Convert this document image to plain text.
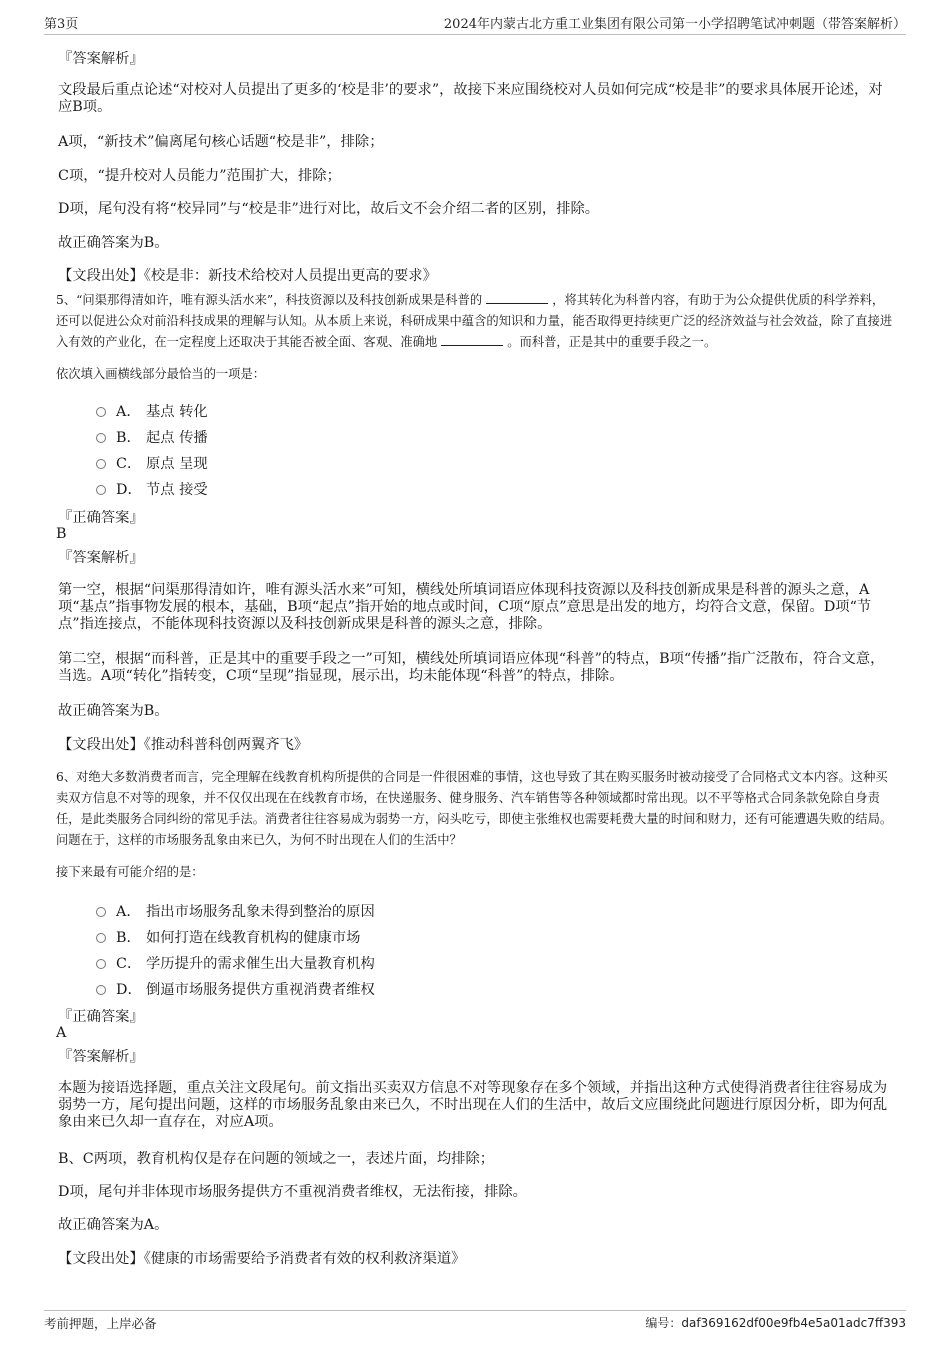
第3页	2024年内蒙古北方重工业集团有限公司第一小学招聘笔试冲刺题（带答案解析）
『答案解析』
文段最后重点论述“对校对人员提出了更多的‘校是非’的要求”，故接下来应围绕校对人员如何完成“校是非”的要求具体展开论述，对应B项。
A项，“新技术”偏离尾句核心话题“校是非”，排除；
C项，“提升校对人员能力”范围扩大，排除；
D项，尾句没有将“校异同”与“校是非”进行对比，故后文不会介绍二者的区别，排除。
故正确答案为B。
【文段出处】《校是非：新技术给校对人员提出更高的要求》
5、“问渠那得清如许，唯有源头活水来”，科技资源以及科技创新成果是科普的	，将其转化为科普内容，有助于为公众提供优质的科学养料，还可以促进公众对前沿科技成果的理解与认知。从本质上来说，科研成果中蕴含的知识和力量，能否取得更持续更广泛的经济效益与社会效益，除了直接进入有效的产业化，在一定程度上还取决于其能否被全面、客观、准确地	。而科普，正是其中的重要手段之一。
依次填入画横线部分最恰当的一项是：
A． 基点 转化
B． 起点 传播
C． 原点 呈现
D． 节点 接受
『正确答案』
B
『答案解析』
第一空，根据“问渠那得清如许，唯有源头活水来”可知，横线处所填词语应体现科技资源以及科技创新成果是科普的源头之意，A项“基点”指事物发展的根本，基础，B项“起点”指开始的地点或时间，C项“原点”意思是出发的地方，均符合文意，保留。D项“节点”指连接点，不能体现科技资源以及科技创新成果是科普的源头之意，排除。
第二空，根据“而科普，正是其中的重要手段之一”可知，横线处所填词语应体现“科普”的特点，B项“传播”指广泛散布，符合文意，当选。A项“转化”指转变，C项“呈现”指显现，展示出，均未能体现“科普”的特点，排除。
故正确答案为B。
【文段出处】《推动科普科创两翼齐飞》
6、对绝大多数消费者而言，完全理解在线教育机构所提供的合同是一件很困难的事情，这也导致了其在购买服务时被动接受了合同格式文本内容。这种买卖双方信息不对等的现象，并不仅仅出现在在线教育市场，在快递服务、健身服务、汽车销售等各种领域都时常出现。以不平等格式合同条款免除自身责任，是此类服务合同纠纷的常见手法。消费者往往容易成为弱势一方，闷头吃亏，即使主张维权也需要耗费大量的时间和财力，还有可能遭遇失败的结局。问题在于，这样的市场服务乱象由来已久，为何不时出现在人们的生活中？
接下来最有可能介绍的是：
A． 指出市场服务乱象未得到整治的原因
B． 如何打造在线教育机构的健康市场
C． 学历提升的需求催生出大量教育机构
D． 倒逼市场服务提供方重视消费者维权
『正确答案』
A
『答案解析』
本题为接语选择题，重点关注文段尾句。前文指出买卖双方信息不对等现象存在多个领域，并指出这种方式使得消费者往往容易成为弱势一方，尾句提出问题，这样的市场服务乱象由来已久，不时出现在人们的生活中，故后文应围绕此问题进行原因分析，即为何乱象由来已久却一直存在，对应A项。
B、C两项，教育机构仅是存在问题的领域之一，表述片面，均排除；
D项，尾句并非体现市场服务提供方不重视消费者维权，无法衔接，排除。
故正确答案为A。
【文段出处】《健康的市场需要给予消费者有效的权利救济渠道》
考前押题，上岸必备	编号：daf369162df00e9fb4e5a01adc7ff393
